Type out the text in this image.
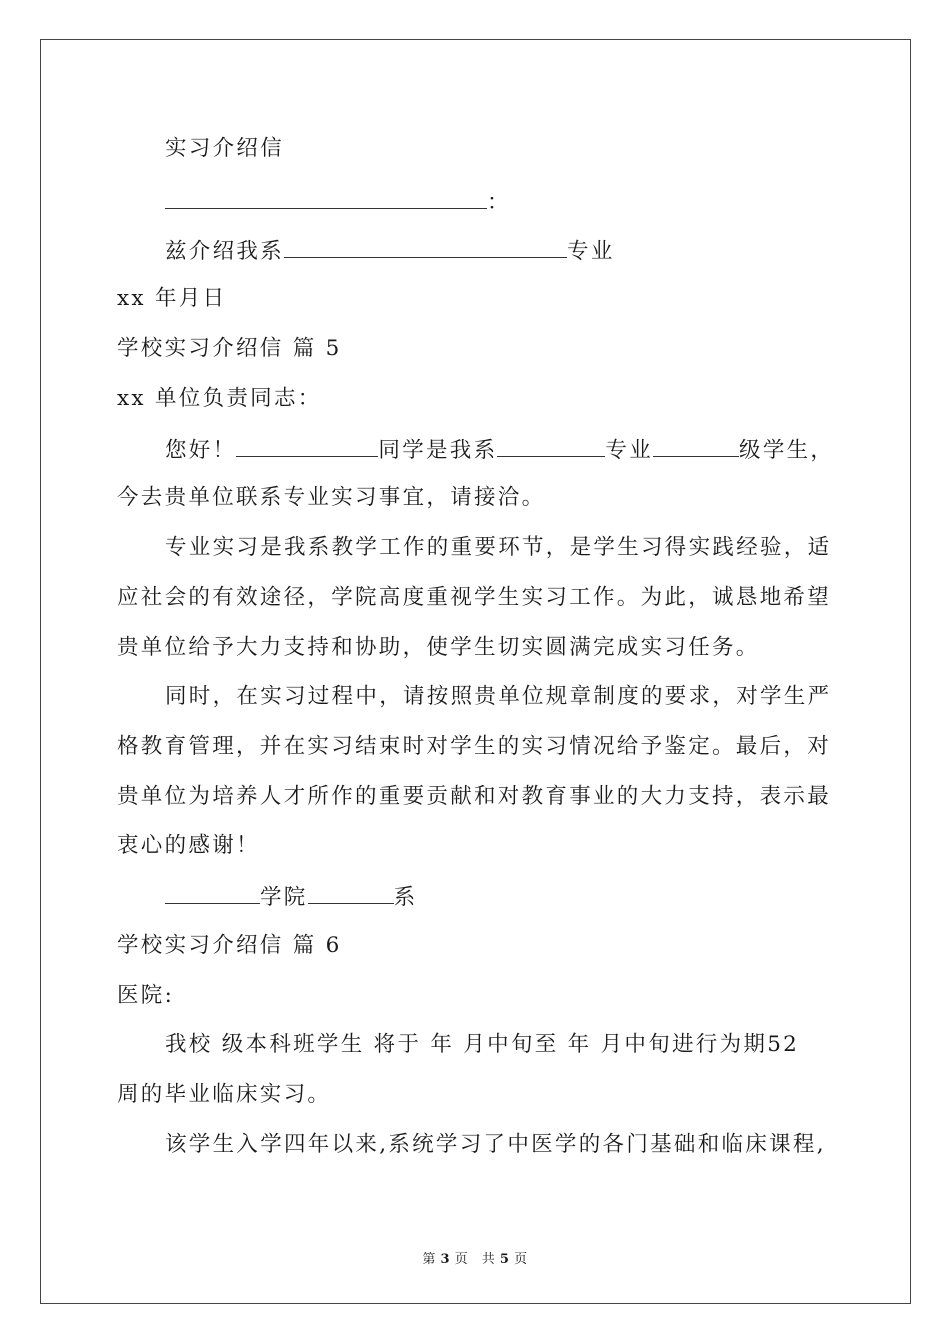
实习介绍信
：
兹介绍我系	专业
xx 年月日
学校实习介绍信 篇 5
xx 单位负责同志：
您好！	同学是我系	专业	级学生，
今去贵单位联系专业实习事宜，请接洽。
专业实习是我系教学工作的重要环节，是学生习得实践经验，适
应社会的有效途径，学院高度重视学生实习工作。为此，诚恳地希望
贵单位给予大力支持和协助，使学生切实圆满完成实习任务。
同时，在实习过程中，请按照贵单位规章制度的要求，对学生严
格教育管理，并在实习结束时对学生的实习情况给予鉴定。最后，对
贵单位为培养人才所作的重要贡献和对教育事业的大力支持，表示最
衷心的感谢！
学院	系
学校实习介绍信 篇 6
医院:
我校 级本科班学生 将于 年 月中旬至 年 月中旬进行为期52
周的毕业临床实习。
该学生入学四年以来,系统学习了中医学的各门基础和临床课程,
第 3 页　共 5 页
